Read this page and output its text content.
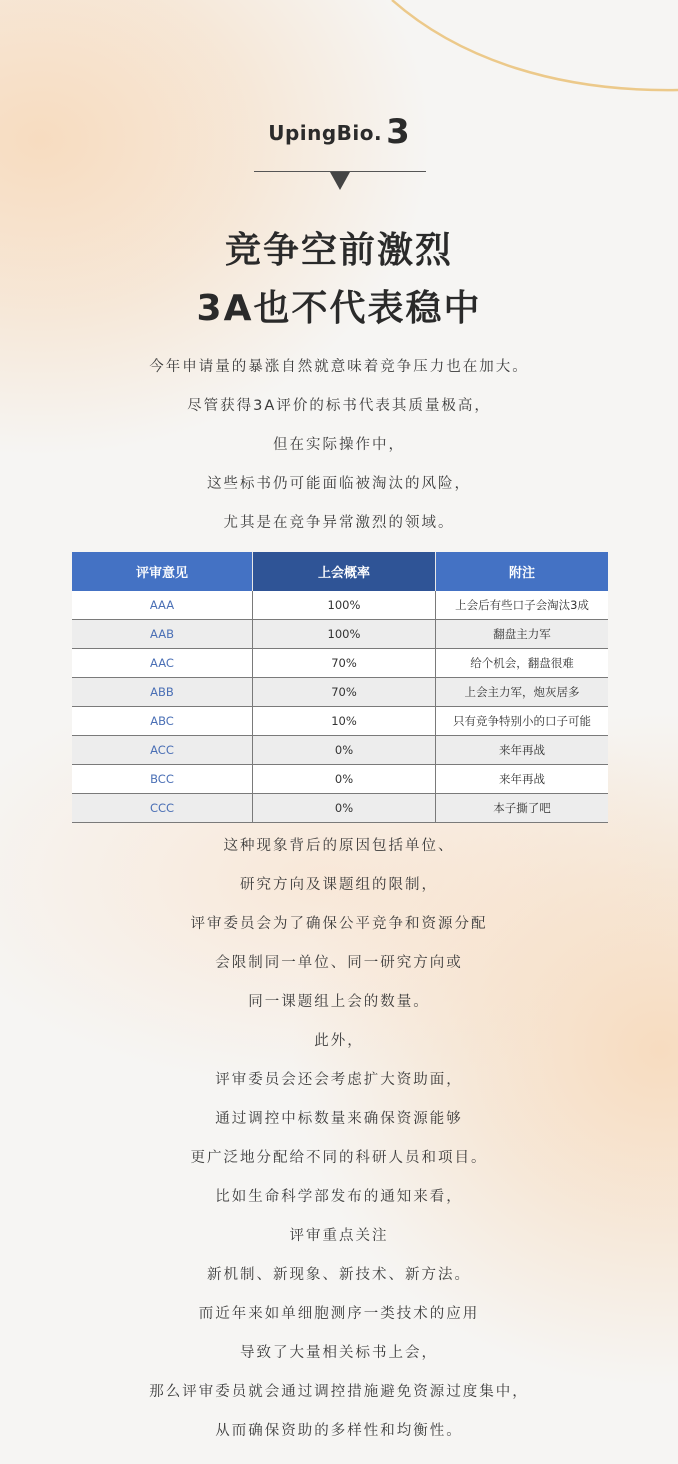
UpingBio. 3
竞争空前激烈
3A也不代表稳中

今年申请量的暴涨自然就意味着竞争压力也在加大。

尽管获得3A评价的标书代表其质量极高，

但在实际操作中，

这些标书仍可能面临被淘汰的风险，

尤其是在竞争异常激烈的领域。

评审意见	上会概率	附注
AAA	100%	上会后有些口子会淘汰3成
AAB	100%	翻盘主力军
AAC	70%	给个机会，翻盘很难
ABB	70%	上会主力军，炮灰居多
ABC	10%	只有竞争特别小的口子可能
ACC	0%	来年再战
BCC	0%	来年再战
CCC	0%	本子撕了吧

这种现象背后的原因包括单位、

研究方向及课题组的限制，

评审委员会为了确保公平竞争和资源分配

会限制同一单位、同一研究方向或

同一课题组上会的数量。

此外，

评审委员会还会考虑扩大资助面，

通过调控中标数量来确保资源能够

更广泛地分配给不同的科研人员和项目。

比如生命科学部发布的通知来看，

评审重点关注

新机制、新现象、新技术、新方法。

而近年来如单细胞测序一类技术的应用

导致了大量相关标书上会，

那么评审委员就会通过调控措施避免资源过度集中，

从而确保资助的多样性和均衡性。
